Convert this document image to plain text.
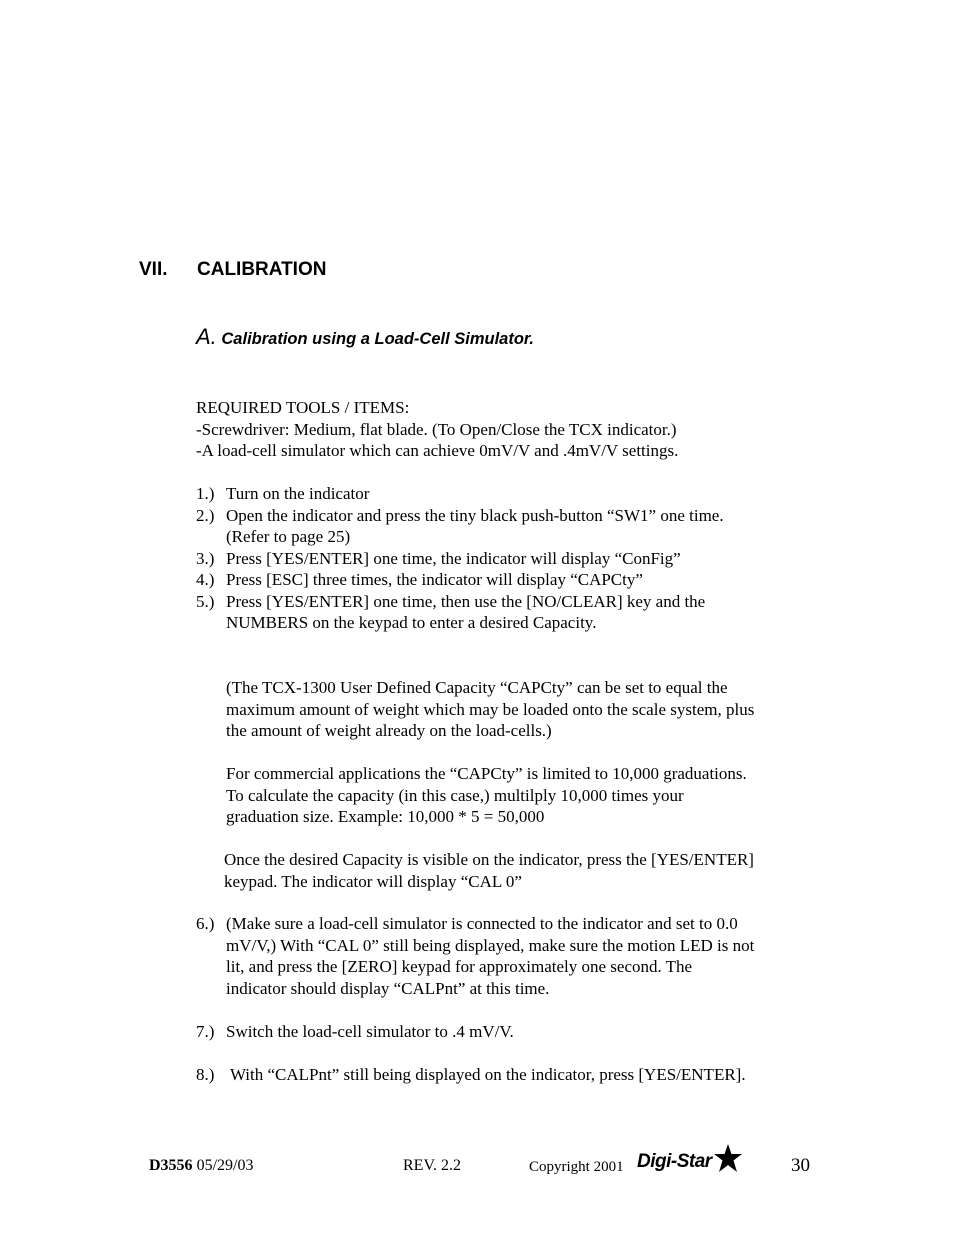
VII. CALIBRATION
A. Calibration using a Load-Cell Simulator.
REQUIRED TOOLS / ITEMS:
-Screwdriver: Medium, flat blade. (To Open/Close the TCX indicator.)
-A load-cell simulator which can achieve 0mV/V and .4mV/V settings.
1.) Turn on the indicator
2.) Open the indicator and press the tiny black push-button “SW1” one time.
(Refer to page 25)
3.) Press [YES/ENTER] one time, the indicator will display “ConFig”
4.) Press [ESC] three times, the indicator will display “CAPCty”
5.) Press [YES/ENTER] one time, then use the [NO/CLEAR] key and the
NUMBERS on the keypad to enter a desired Capacity.
(The TCX-1300 User Defined Capacity “CAPCty” can be set to equal the
maximum amount of weight which may be loaded onto the scale system, plus
the amount of weight already on the load-cells.)
For commercial applications the “CAPCty” is limited to 10,000 graduations.
To calculate the capacity (in this case,) multilply 10,000 times your
graduation size. Example: 10,000 * 5 = 50,000
Once the desired Capacity is visible on the indicator, press the [YES/ENTER]
keypad. The indicator will display “CAL 0”
6.) (Make sure a load-cell simulator is connected to the indicator and set to 0.0
mV/V,) With “CAL 0” still being displayed, make sure the motion LED is not
lit, and press the [ZERO] keypad for approximately one second. The
indicator should display “CALPnt” at this time.
7.) Switch the load-cell simulator to .4 mV/V.
8.) With “CALPnt” still being displayed on the indicator, press [YES/ENTER].
D3556 05/29/03	REV. 2.2	Copyright 2001 Digi-Star	30
